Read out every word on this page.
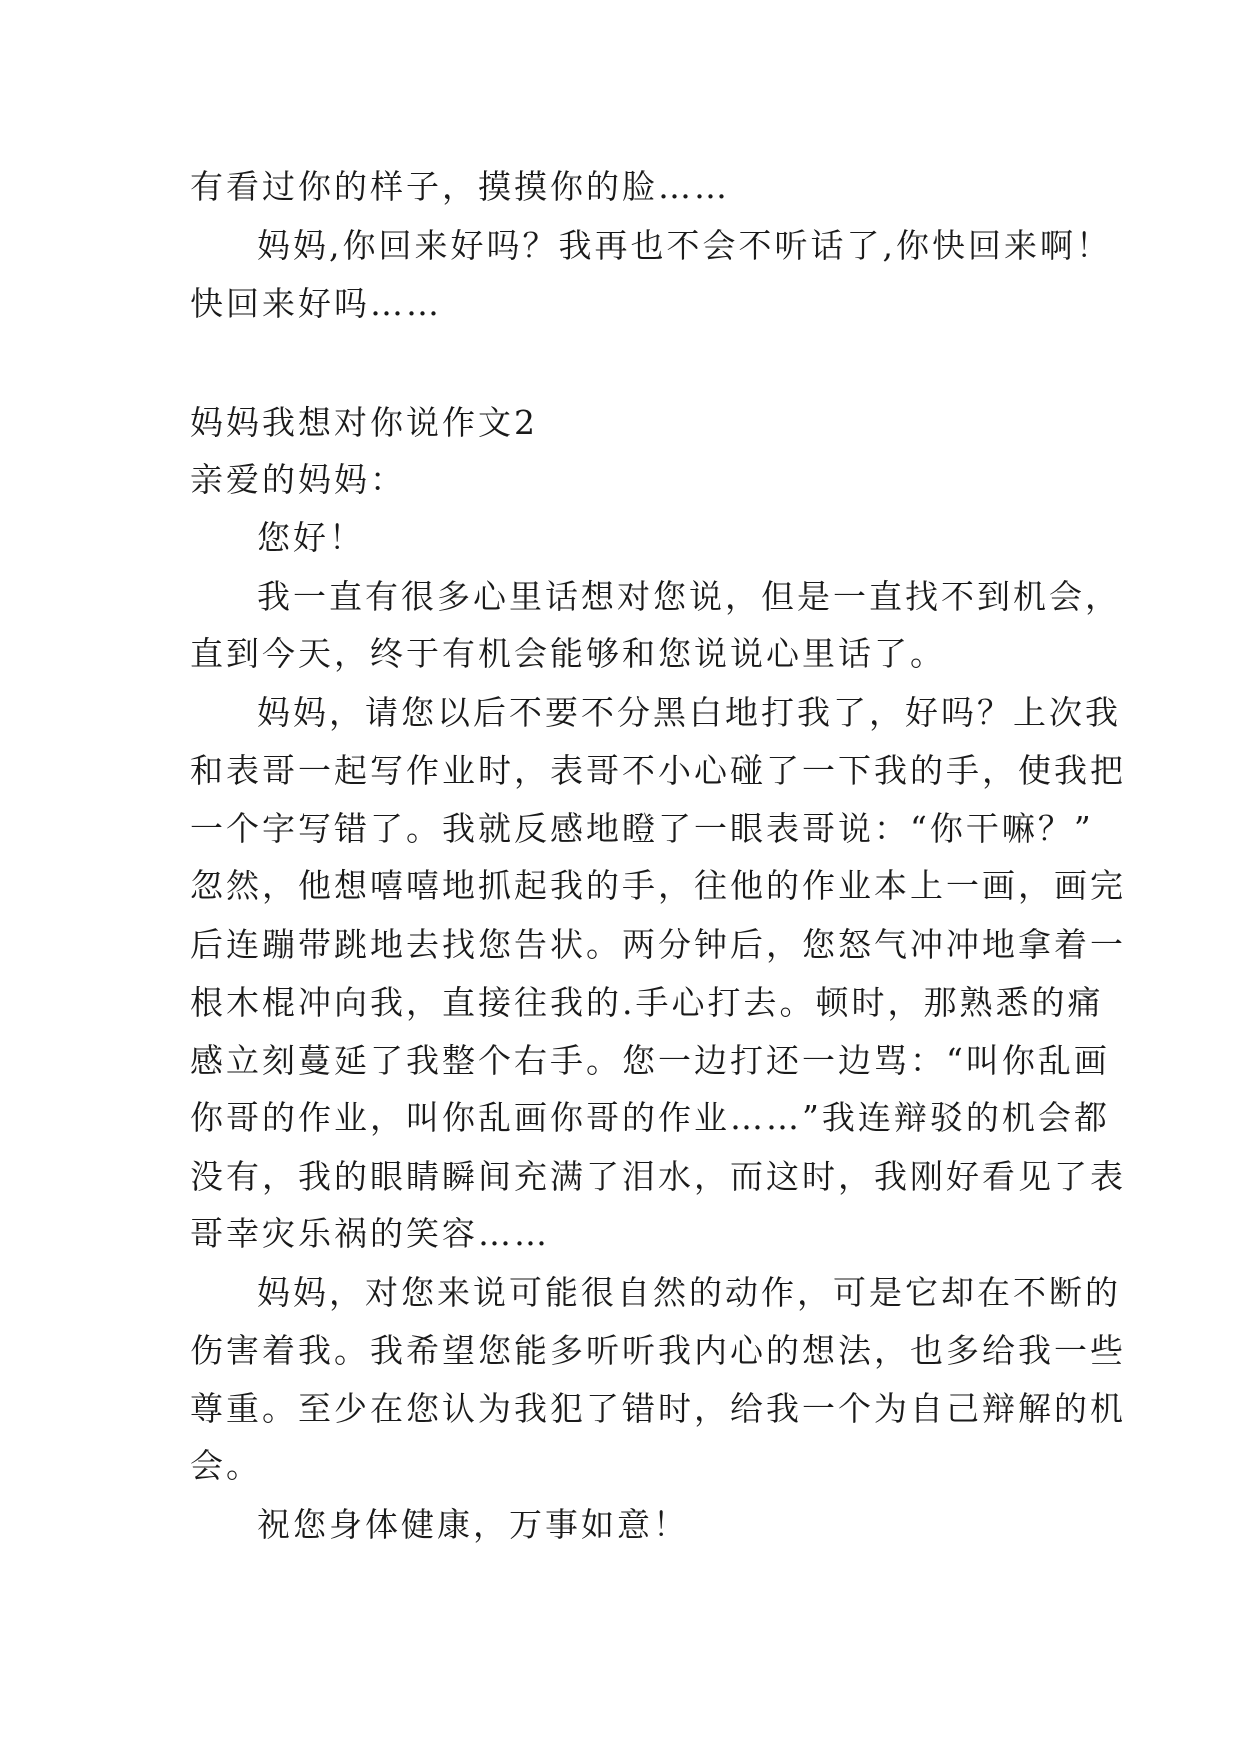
有看过你的样子，摸摸你的脸……
妈妈,你回来好吗？我再也不会不听话了,你快回来啊！
快回来好吗……
妈妈我想对你说作文2
亲爱的妈妈：
您好！
我一直有很多心里话想对您说，但是一直找不到机会，
直到今天，终于有机会能够和您说说心里话了。
妈妈，请您以后不要不分黑白地打我了，好吗？上次我
和表哥一起写作业时，表哥不小心碰了一下我的手，使我把
一个字写错了。我就反感地瞪了一眼表哥说：“你干嘛？”
忽然，他想嘻嘻地抓起我的手，往他的作业本上一画，画完
后连蹦带跳地去找您告状。两分钟后，您怒气冲冲地拿着一
根木棍冲向我，直接往我的.手心打去。顿时，那熟悉的痛
感立刻蔓延了我整个右手。您一边打还一边骂：“叫你乱画
你哥的作业，叫你乱画你哥的作业……”我连辩驳的机会都
没有，我的眼睛瞬间充满了泪水，而这时，我刚好看见了表
哥幸灾乐祸的笑容……
妈妈，对您来说可能很自然的动作，可是它却在不断的
伤害着我。我希望您能多听听我内心的想法，也多给我一些
尊重。至少在您认为我犯了错时，给我一个为自己辩解的机
会。
祝您身体健康，万事如意！
